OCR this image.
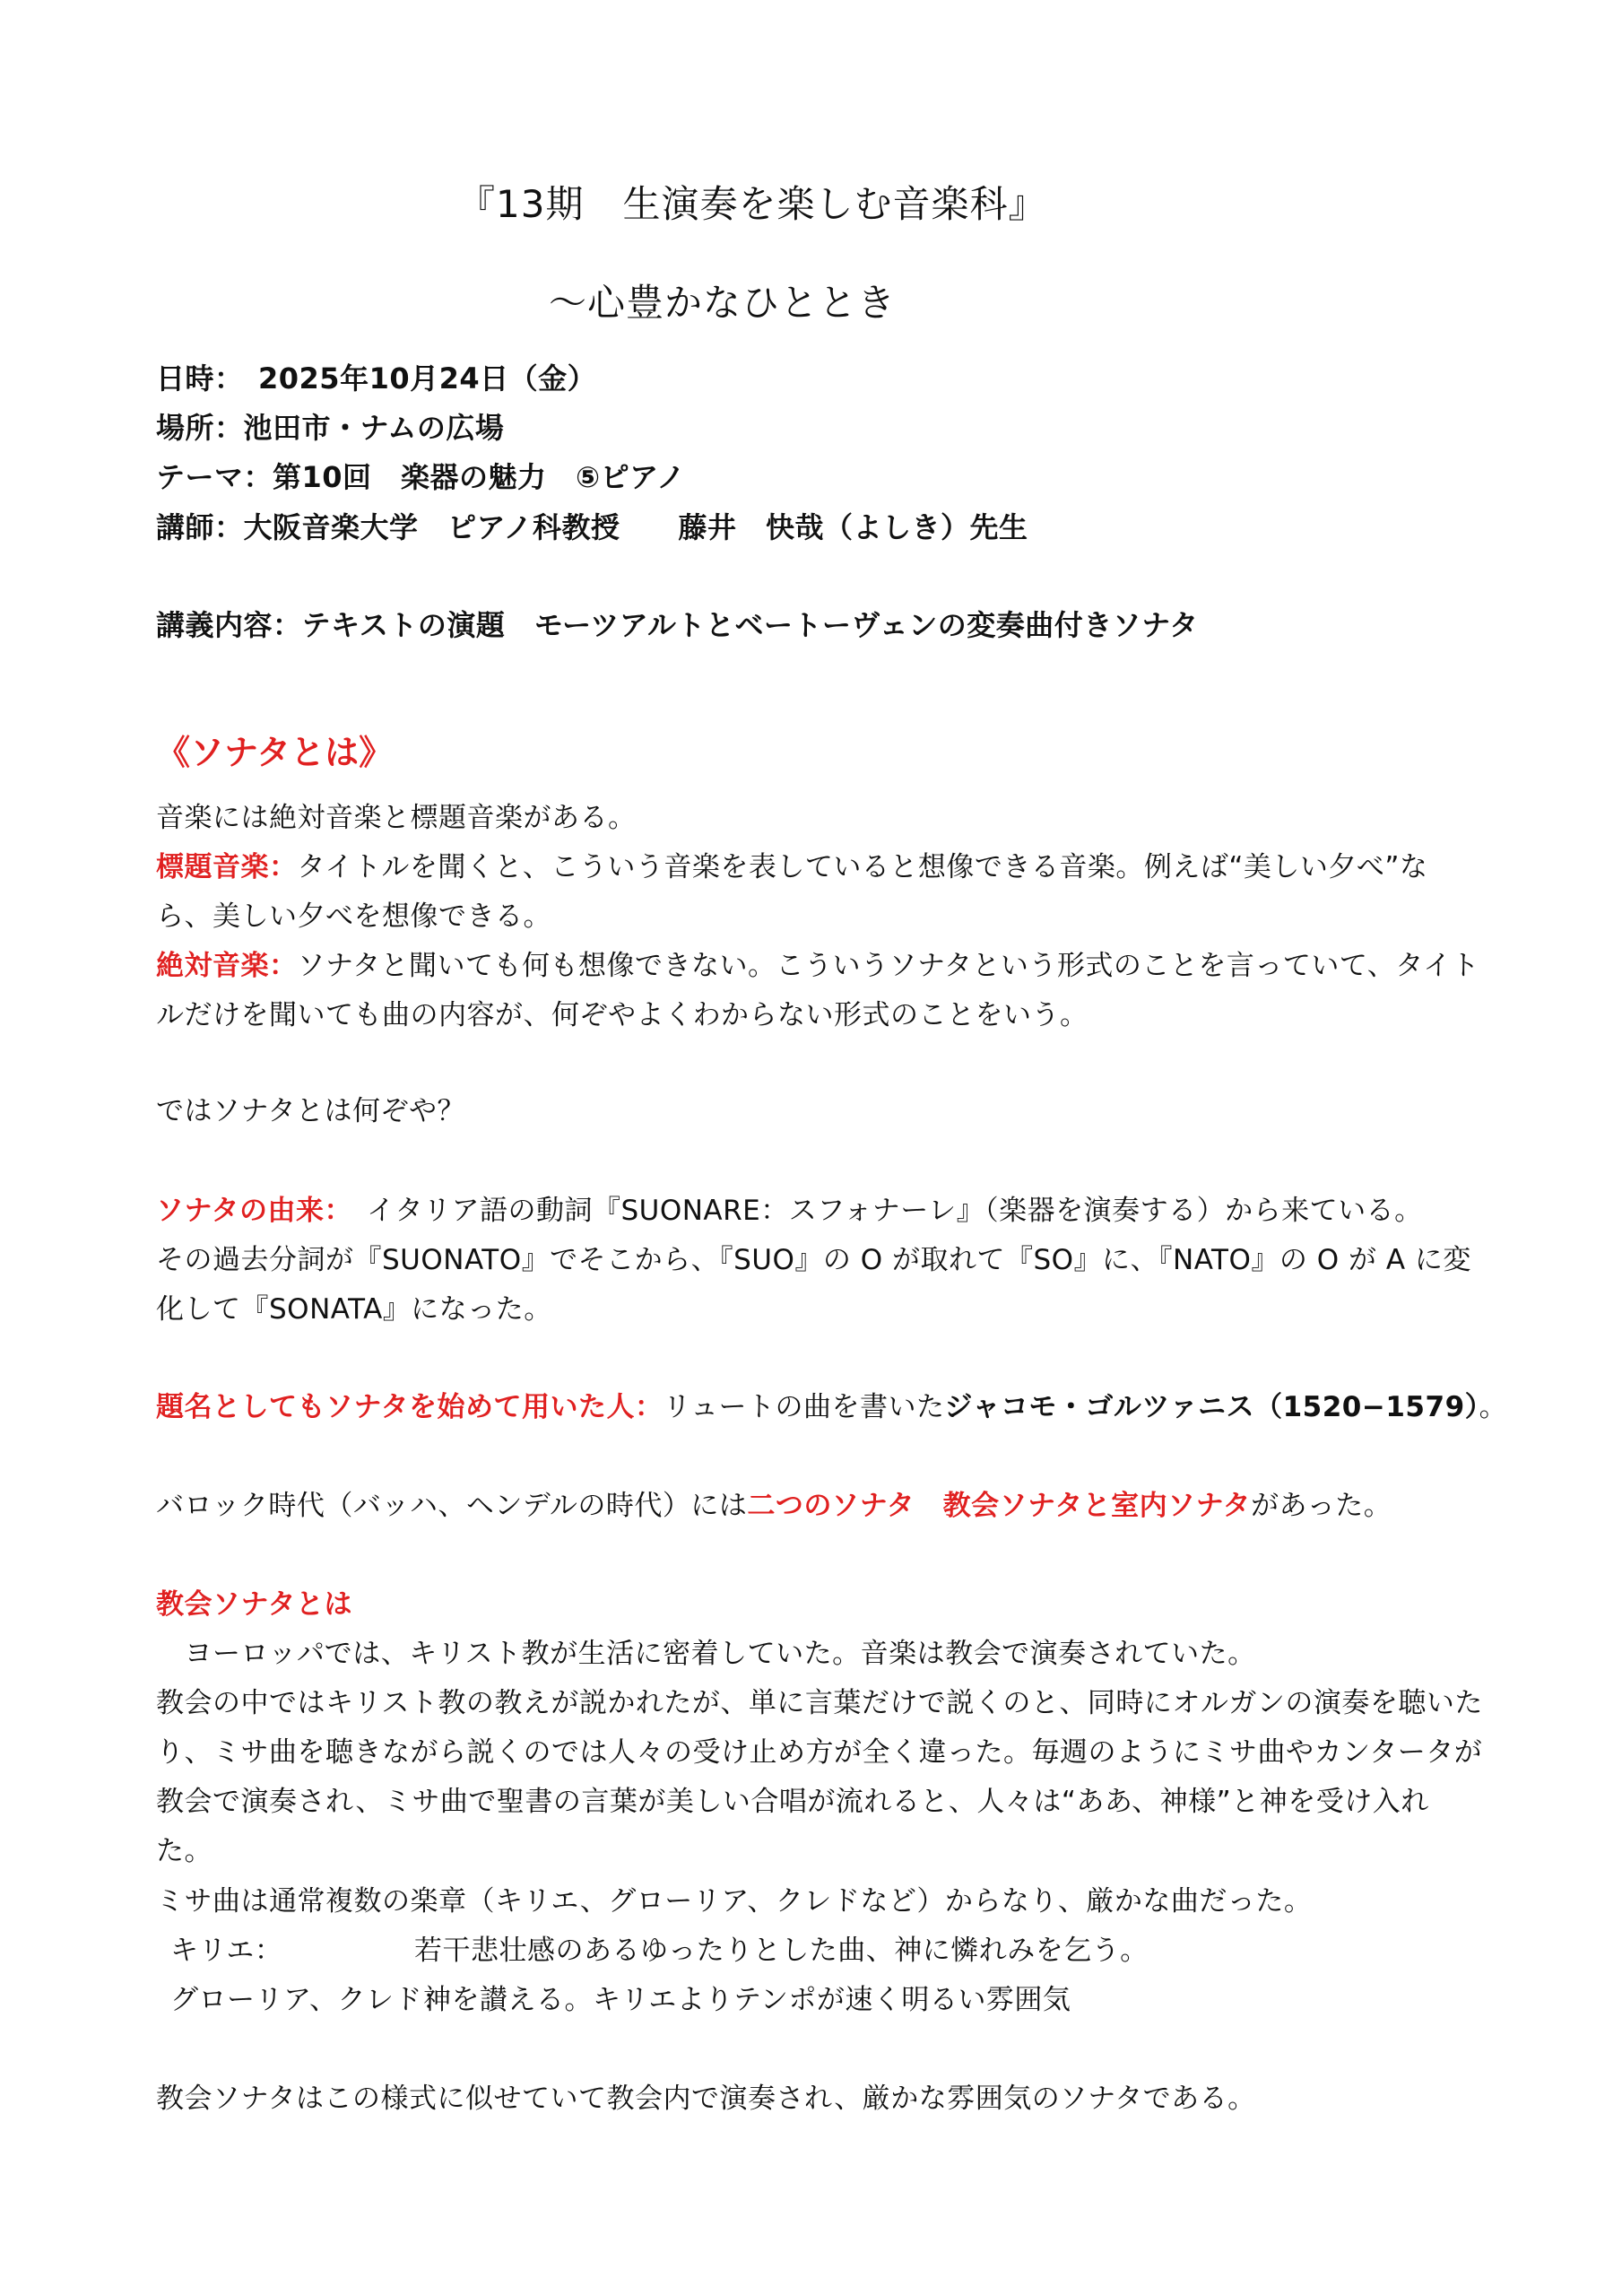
『13期　生演奏を楽しむ音楽科』
～心豊かなひととき
日時：　2025年10月24日（金）
場所：池田市・ナムの広場
テーマ：第10回　楽器の魅力　⑤ピアノ
講師：大阪音楽大学　ピアノ科教授　　藤井　快哉（よしき）先生
講義内容：テキストの演題　モーツアルトとベートーヴェンの変奏曲付きソナタ
《ソナタとは》

音楽には絶対音楽と標題音楽がある。

標題音楽：タイトルを聞くと、こういう音楽を表していると想像できる音楽。例えば“美しい夕べ”なら、美しい夕べを想像できる。

絶対音楽：ソナタと聞いても何も想像できない。こういうソナタという形式のことを言っていて、タイトルだけを聞いても曲の内容が、何ぞやよくわからない形式のことをいう。

ではソナタとは何ぞや？

ソナタの由来：　イタリア語の動詞『SUONARE：スフォナーレ』（楽器を演奏する）から来ている。

その過去分詞が『SUONATO』でそこから、『SUO』の O が取れて『SO』に、『NATO』の O が A に変化して『SONATA』になった。

題名としてもソナタを始めて用いた人：リュートの曲を書いたジャコモ・ゴルツァニス（1520−1579）。
バロック時代（バッハ、ヘンデルの時代）には二つのソナタ　教会ソナタと室内ソナタがあった。

教会ソナタとは

　ヨーロッパでは、キリスト教が生活に密着していた。音楽は教会で演奏されていた。

教会の中ではキリスト教の教えが説かれたが、単に言葉だけで説くのと、同時にオルガンの演奏を聴いたり、ミサ曲を聴きながら説くのでは人々の受け止め方が全く違った。毎週のようにミサ曲やカンタータが教会で演奏され、ミサ曲で聖書の言葉が美しい合唱が流れると、人々は“ああ、神様”と神を受け入れた。

ミサ曲は通常複数の楽章（キリエ、グローリア、クレドなど）からなり、厳かな曲だった。
キリエ：	若干悲壮感のあるゆったりとした曲、神に憐れみを乞う。
グローリア、クレド：
神を讃える。キリエよりテンポが速く明るい雰囲気
教会ソナタはこの様式に似せていて教会内で演奏され、厳かな雰囲気のソナタである。
